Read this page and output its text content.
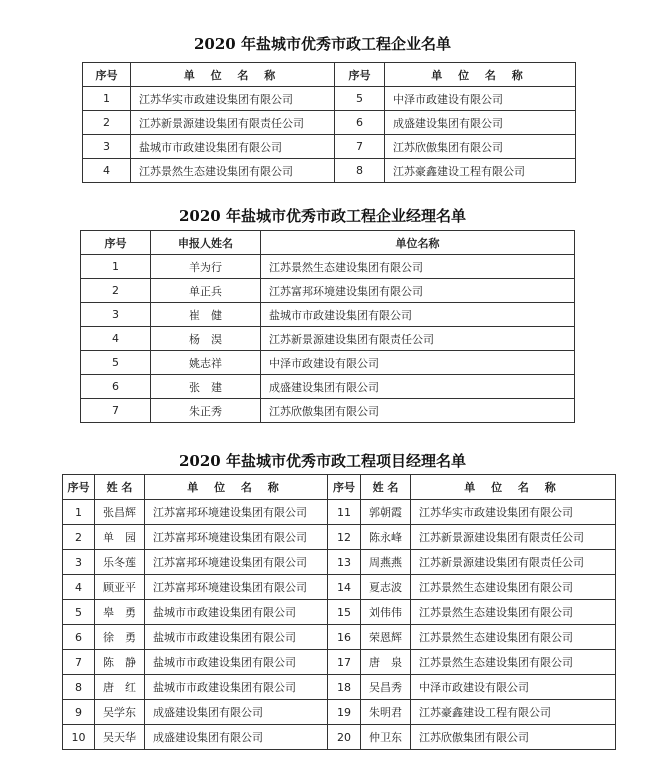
2020 年盐城市优秀市政工程企业名单
序号	单 位 名 称	序号	单 位 名 称
1	江苏华实市政建设集团有限公司	5	中泽市政建设有限公司
2	江苏新景源建设集团有限责任公司	6	成盛建设集团有限公司
3	盐城市市政建设集团有限公司	7	江苏欣傲集团有限公司
4	江苏景然生态建设集团有限公司	8	江苏豪鑫建设工程有限公司
2020 年盐城市优秀市政工程企业经理名单
序号	申报人姓名	单位名称
1	羊为行	江苏景然生态建设集团有限公司
2	单正兵	江苏富邦环境建设集团有限公司
3	崔　健	盐城市市政建设集团有限公司
4	杨　淏	江苏新景源建设集团有限责任公司
5	姚志祥	中泽市政建设有限公司
6	张　建	成盛建设集团有限公司
7	朱正秀	江苏欣傲集团有限公司
2020 年盐城市优秀市政工程项目经理名单
序号	姓 名	单 位 名 称	序号	姓 名	单 位 名 称
1	张昌辉	江苏富邦环境建设集团有限公司	11	郭朝霞	江苏华实市政建设集团有限公司
2	单　园	江苏富邦环境建设集团有限公司	12	陈永峰	江苏新景源建设集团有限责任公司
3	乐冬莲	江苏富邦环境建设集团有限公司	13	周燕燕	江苏新景源建设集团有限责任公司
4	顾亚平	江苏富邦环境建设集团有限公司	14	夏志波	江苏景然生态建设集团有限公司
5	皋　勇	盐城市市政建设集团有限公司	15	刘伟伟	江苏景然生态建设集团有限公司
6	徐　勇	盐城市市政建设集团有限公司	16	荣恩辉	江苏景然生态建设集团有限公司
7	陈　静	盐城市市政建设集团有限公司	17	唐　泉	江苏景然生态建设集团有限公司
8	唐　红	盐城市市政建设集团有限公司	18	吴昌秀	中泽市政建设有限公司
9	吴学东	成盛建设集团有限公司	19	朱明君	江苏豪鑫建设工程有限公司
10	吴天华	成盛建设集团有限公司	20	仲卫东	江苏欣傲集团有限公司
